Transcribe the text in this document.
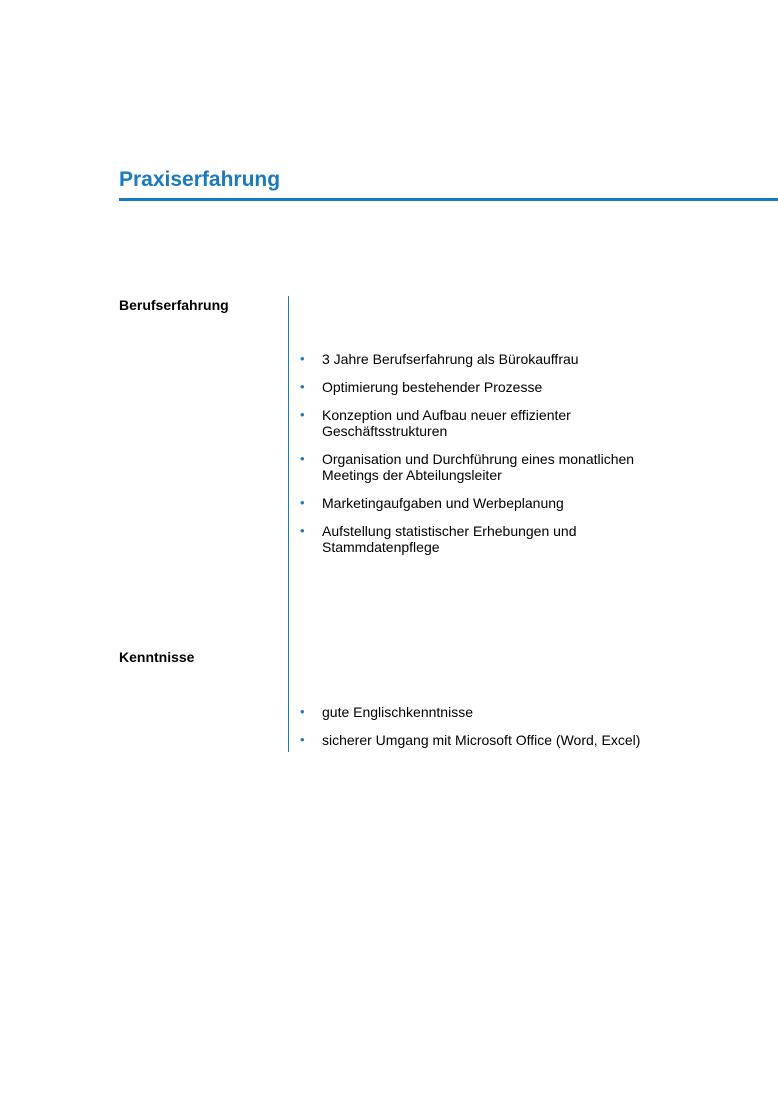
Praxiserfahrung
Berufserfahrung
• 3 Jahre Berufserfahrung als Bürokauffrau
• Optimierung bestehender Prozesse
• Konzeption und Aufbau neuer effizienter Geschäftsstrukturen
• Organisation und Durchführung eines monatlichen Meetings der Abteilungsleiter
• Marketingaufgaben und Werbeplanung
• Aufstellung statistischer Erhebungen und Stammdatenpflege
Kenntnisse
• gute Englischkenntnisse
• sicherer Umgang mit Microsoft Office (Word, Excel)
